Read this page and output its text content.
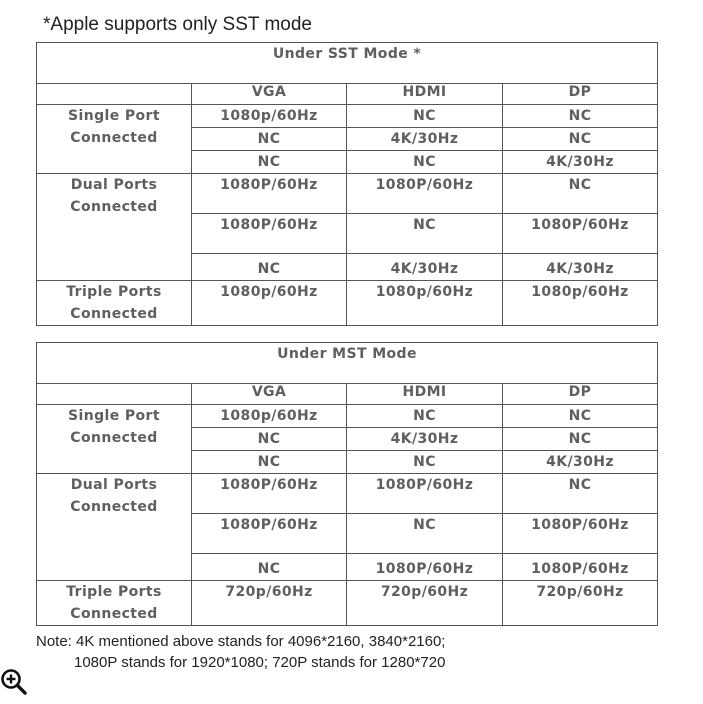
*Apple supports only SST mode
Under SST Mode *			
	VGA	HDMI	DP

Single Port
Connected	1080p/60Hz	NC	NC
	NC	4K/30Hz	NC
	NC	NC	4K/30Hz

Dual Ports
Connected	1080P/60Hz	1080P/60Hz	NC
	1080P/60Hz	NC	1080P/60Hz
	NC	4K/30Hz	4K/30Hz

Triple Ports
Connected	1080p/60Hz	1080p/60Hz	1080p/60Hz
Under MST Mode			
	VGA	HDMI	DP

Single Port
Connected	1080p/60Hz	NC	NC
	NC	4K/30Hz	NC
	NC	NC	4K/30Hz

Dual Ports
Connected	1080P/60Hz	1080P/60Hz	NC
	1080P/60Hz	NC	1080P/60Hz
	NC	1080P/60Hz	1080P/60Hz

Triple Ports
Connected	720p/60Hz	720p/60Hz	720p/60Hz
Note: 4K mentioned above stands for 4096*2160, 3840*2160;
1080P stands for 1920*1080; 720P stands for 1280*720
